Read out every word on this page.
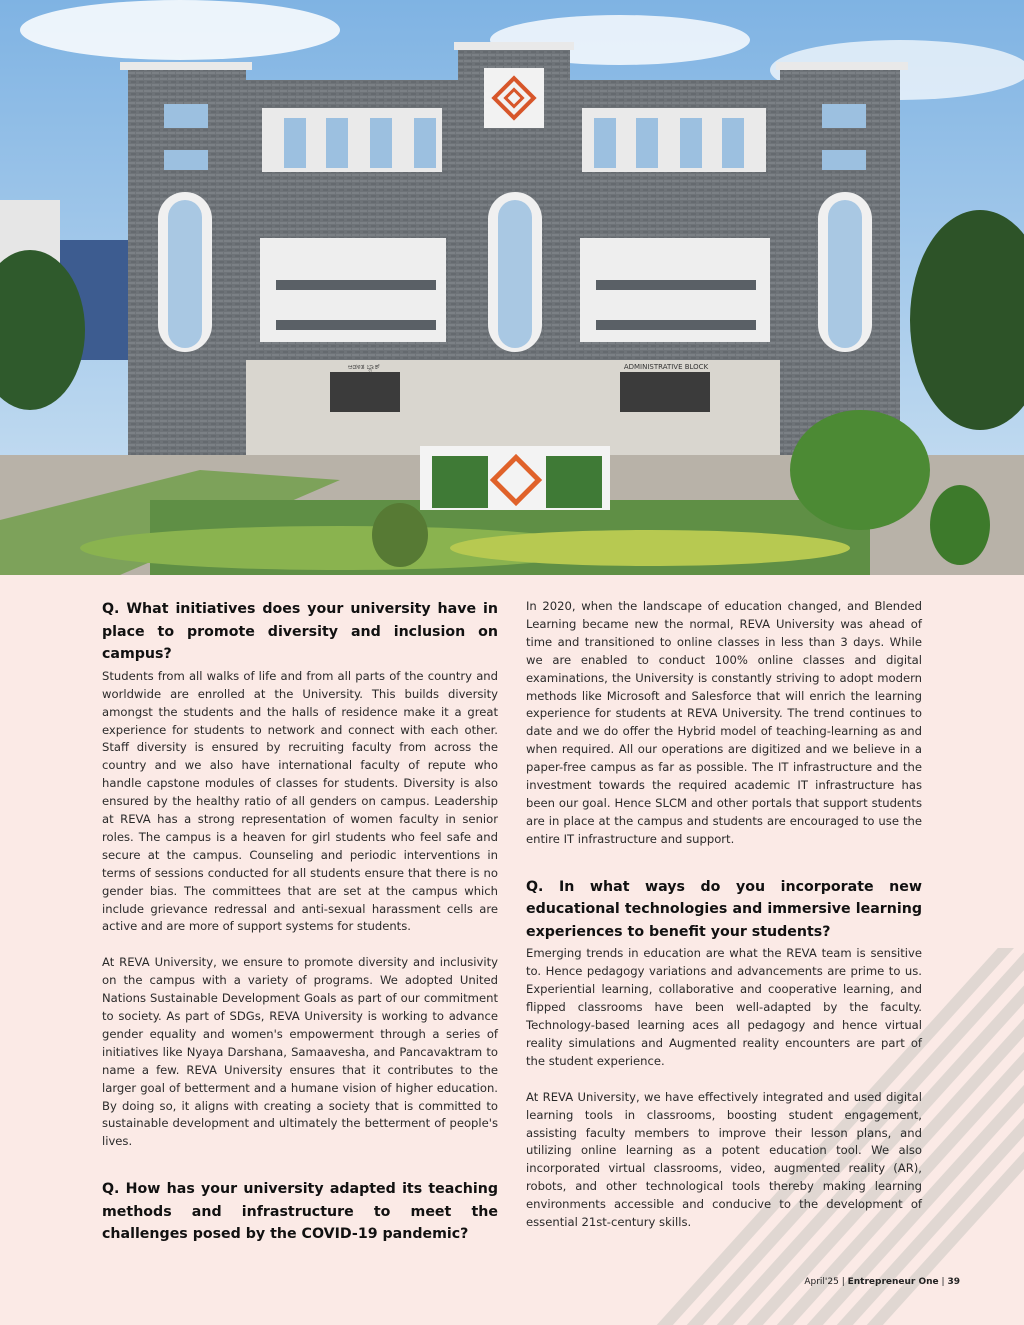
ಆಡಳಿತ ಬ್ಲಾಕ್	ADMINISTRATIVE BLOCK
Q. What initiatives does your university have in place to promote diversity and inclusion on campus?
Students from all walks of life and from all parts of the country and worldwide are enrolled at the University. This builds diversity amongst the students and the halls of residence make it a great experience for students to network and connect with each other. Staff diversity is ensured by recruiting faculty from across the country and we also have international faculty of repute who handle capstone modules of classes for students. Diversity is also ensured by the healthy ratio of all genders on campus. Leadership at REVA has a strong representation of women faculty in senior roles. The campus is a heaven for girl students who feel safe and secure at the campus. Counseling and periodic interventions in terms of sessions conducted for all students ensure that there is no gender bias. The committees that are set at the campus which include grievance redressal and anti-sexual harassment cells are active and are more of support systems for students.
At REVA University, we ensure to promote diversity and inclusivity on the campus with a variety of programs. We adopted United Nations Sustainable Development Goals as part of our commitment to society. As part of SDGs, REVA University is working to advance gender equality and women's empowerment through a series of initiatives like Nyaya Darshana, Samaavesha, and Pancavaktram to name a few. REVA University ensures that it contributes to the larger goal of betterment and a humane vision of higher education. By doing so, it aligns with creating a society that is committed to sustainable development and ultimately the betterment of people's lives.
Q. How has your university adapted its teaching methods and infrastructure to meet the challenges posed by the COVID-19 pandemic?
In 2020, when the landscape of education changed, and Blended Learning became new the normal, REVA University was ahead of time and transitioned to online classes in less than 3 days. While we are enabled to conduct 100% online classes and digital examinations, the University is constantly striving to adopt modern methods like Microsoft and Salesforce that will enrich the learning experience for students at REVA University. The trend continues to date and we do offer the Hybrid model of teaching-learning as and when required. All our operations are digitized and we believe in a paper-free campus as far as possible. The IT infrastructure and the investment towards the required academic IT infrastructure has been our goal. Hence SLCM and other portals that support students are in place at the campus and students are encouraged to use the entire IT infrastructure and support.
Q. In what ways do you incorporate new educational technologies and immersive learning experiences to benefit your students?
Emerging trends in education are what the REVA team is sensitive to. Hence pedagogy variations and advancements are prime to us. Experiential learning, collaborative and cooperative learning, and flipped classrooms have been well-adapted by the faculty. Technology-based learning aces all pedagogy and hence virtual reality simulations and Augmented reality encounters are part of the student experience.
At REVA University, we have effectively integrated and used digital learning tools in classrooms, boosting student engagement, assisting faculty members to improve their lesson plans, and utilizing online learning as a potent education tool. We also incorporated virtual classrooms, video, augmented reality (AR), robots, and other technological tools thereby making learning environments accessible and conducive to the development of essential 21st-century skills.
April'25 | Entrepreneur One | 39
